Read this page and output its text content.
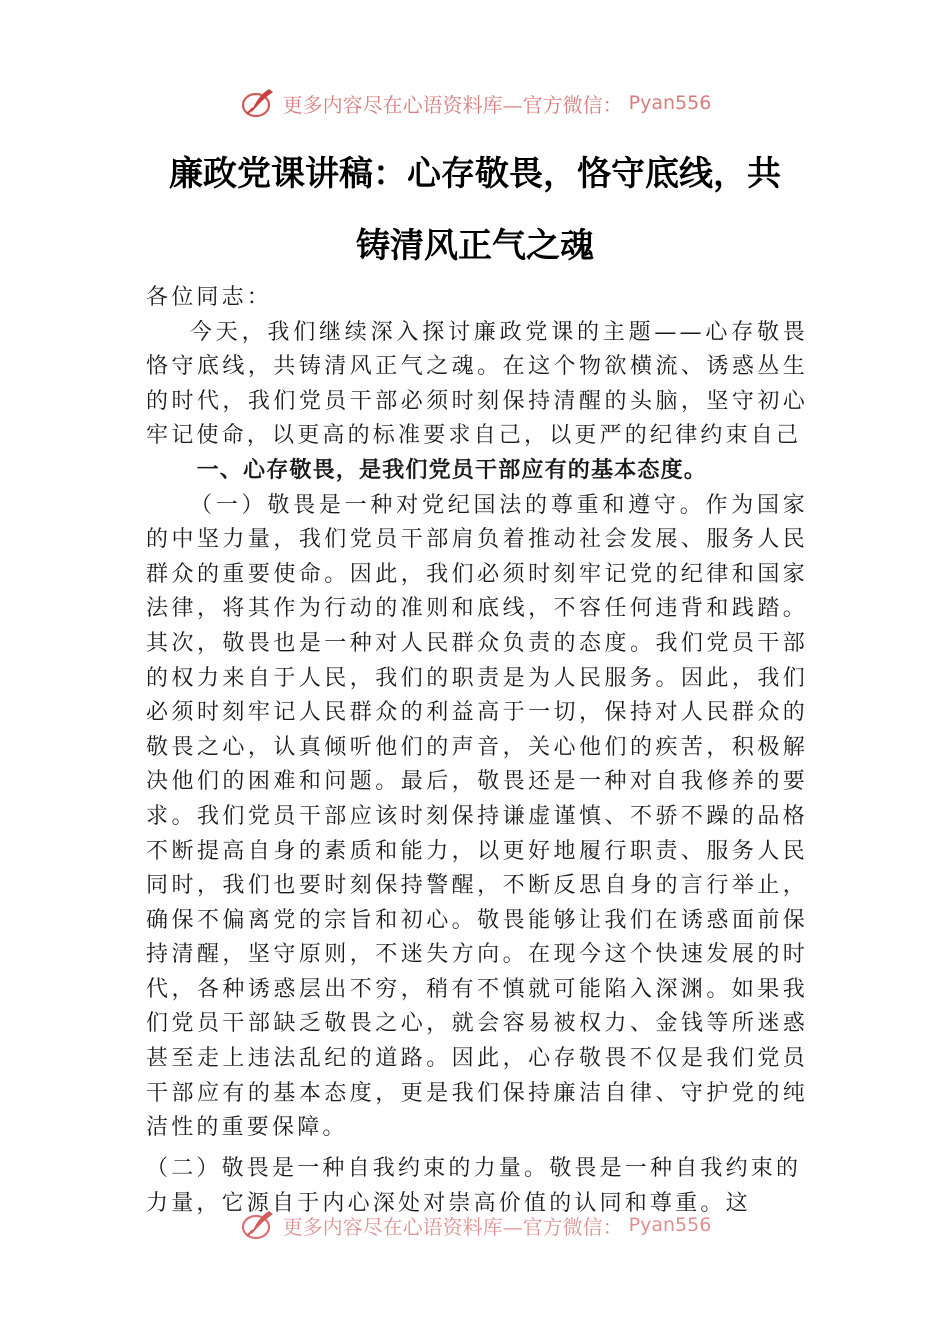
更多内容尽在心语资料库—官方微信： Pyan556
廉政党课讲稿：心存敬畏，恪守底线，共
铸清风正气之魂

各位同志：

今天，我们继续深入探讨廉政党课的主题——心存敬畏恪守底线，共铸清风正气之魂。在这个物欲横流、诱惑丛生的时代，我们党员干部必须时刻保持清醒的头脑，坚守初心牢记使命，以更高的标准要求自己，以更严的纪律约束自己

一、心存敬畏，是我们党员干部应有的基本态度。

（一）敬畏是一种对党纪国法的尊重和遵守。作为国家的中坚力量，我们党员干部肩负着推动社会发展、服务人民群众的重要使命。因此，我们必须时刻牢记党的纪律和国家法律，将其作为行动的准则和底线，不容任何违背和践踏。其次，敬畏也是一种对人民群众负责的态度。我们党员干部的权力来自于人民，我们的职责是为人民服务。因此，我们必须时刻牢记人民群众的利益高于一切，保持对人民群众的敬畏之心，认真倾听他们的声音，关心他们的疾苦，积极解决他们的困难和问题。最后，敬畏还是一种对自我修养的要求。我们党员干部应该时刻保持谦虚谨慎、不骄不躁的品格不断提高自身的素质和能力，以更好地履行职责、服务人民同时，我们也要时刻保持警醒，不断反思自身的言行举止，确保不偏离党的宗旨和初心。敬畏能够让我们在诱惑面前保持清醒，坚守原则，不迷失方向。在现今这个快速发展的时代，各种诱惑层出不穷，稍有不慎就可能陷入深渊。如果我们党员干部缺乏敬畏之心，就会容易被权力、金钱等所迷惑甚至走上违法乱纪的道路。因此，心存敬畏不仅是我们党员干部应有的基本态度，更是我们保持廉洁自律、守护党的纯洁性的重要保障。

（二）敬畏是一种自我约束的力量。敬畏是一种自我约束的力量，它源自于内心深处对崇高价值的认同和尊重。这

更多内容尽在心语资料库—官方微信： Pyan556
